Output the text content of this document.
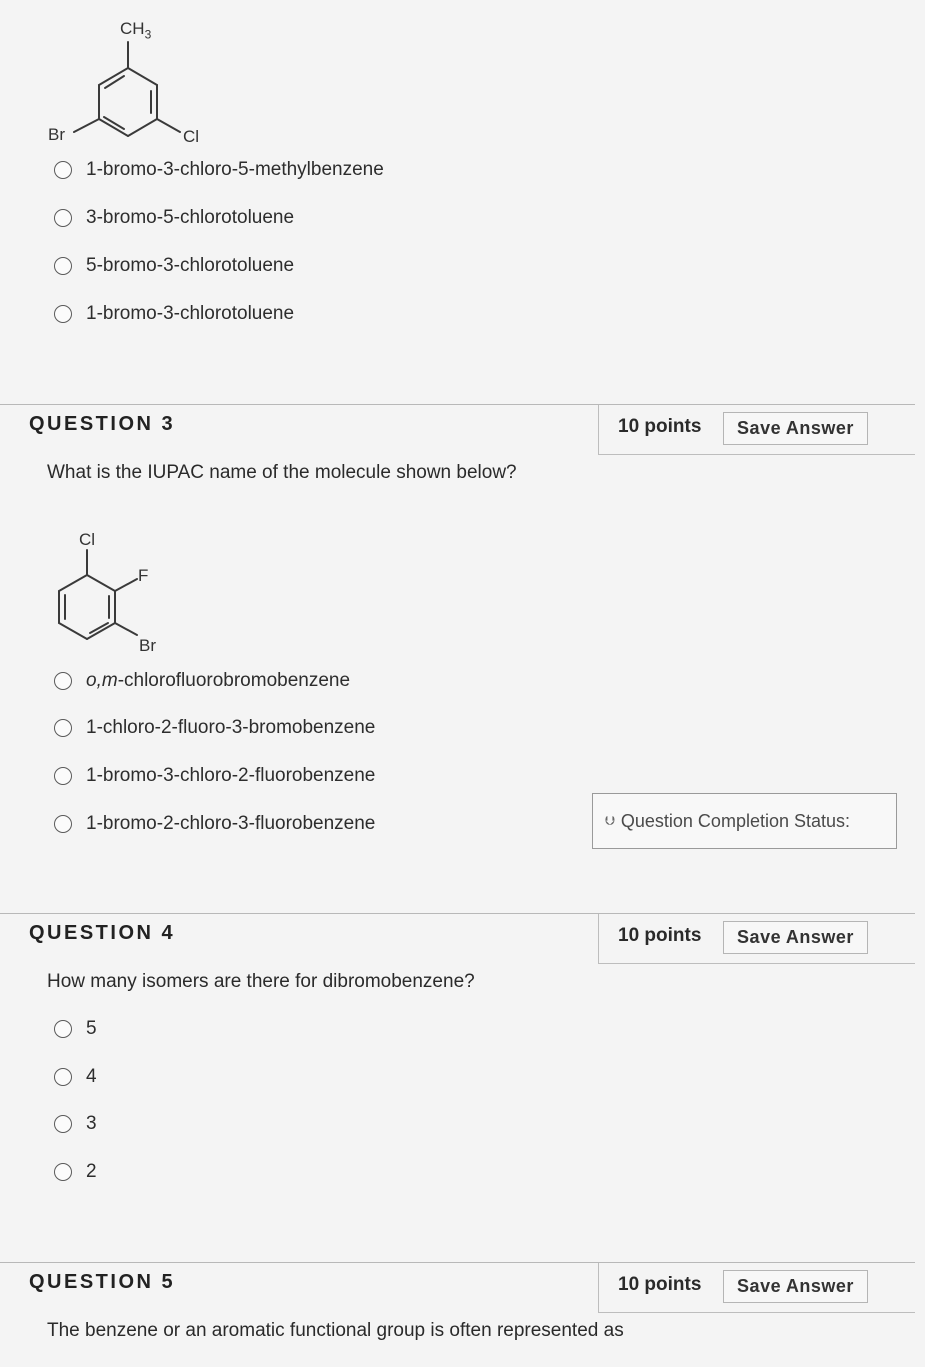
$CH_3$
Br	Cl
1-bromo-3-chloro-5-methylbenzene
3-bromo-5-chlorotoluene
5-bromo-3-chlorotoluene
1-bromo-3-chlorotoluene
QUESTION 3	10 points	Save Answer
What is the IUPAC name of the molecule shown below?
Cl
F
Br
o,m-chlorofluorobromobenzene
1-chloro-2-fluoro-3-bromobenzene
1-bromo-3-chloro-2-fluorobenzene
1-bromo-2-chloro-3-fluorobenzene	⮋ Question Completion Status:
QUESTION 4	10 points	Save Answer
How many isomers are there for dibromobenzene?
5
4
3
2
QUESTION 5	10 points	Save Answer
The benzene or an aromatic functional group is often represented as
